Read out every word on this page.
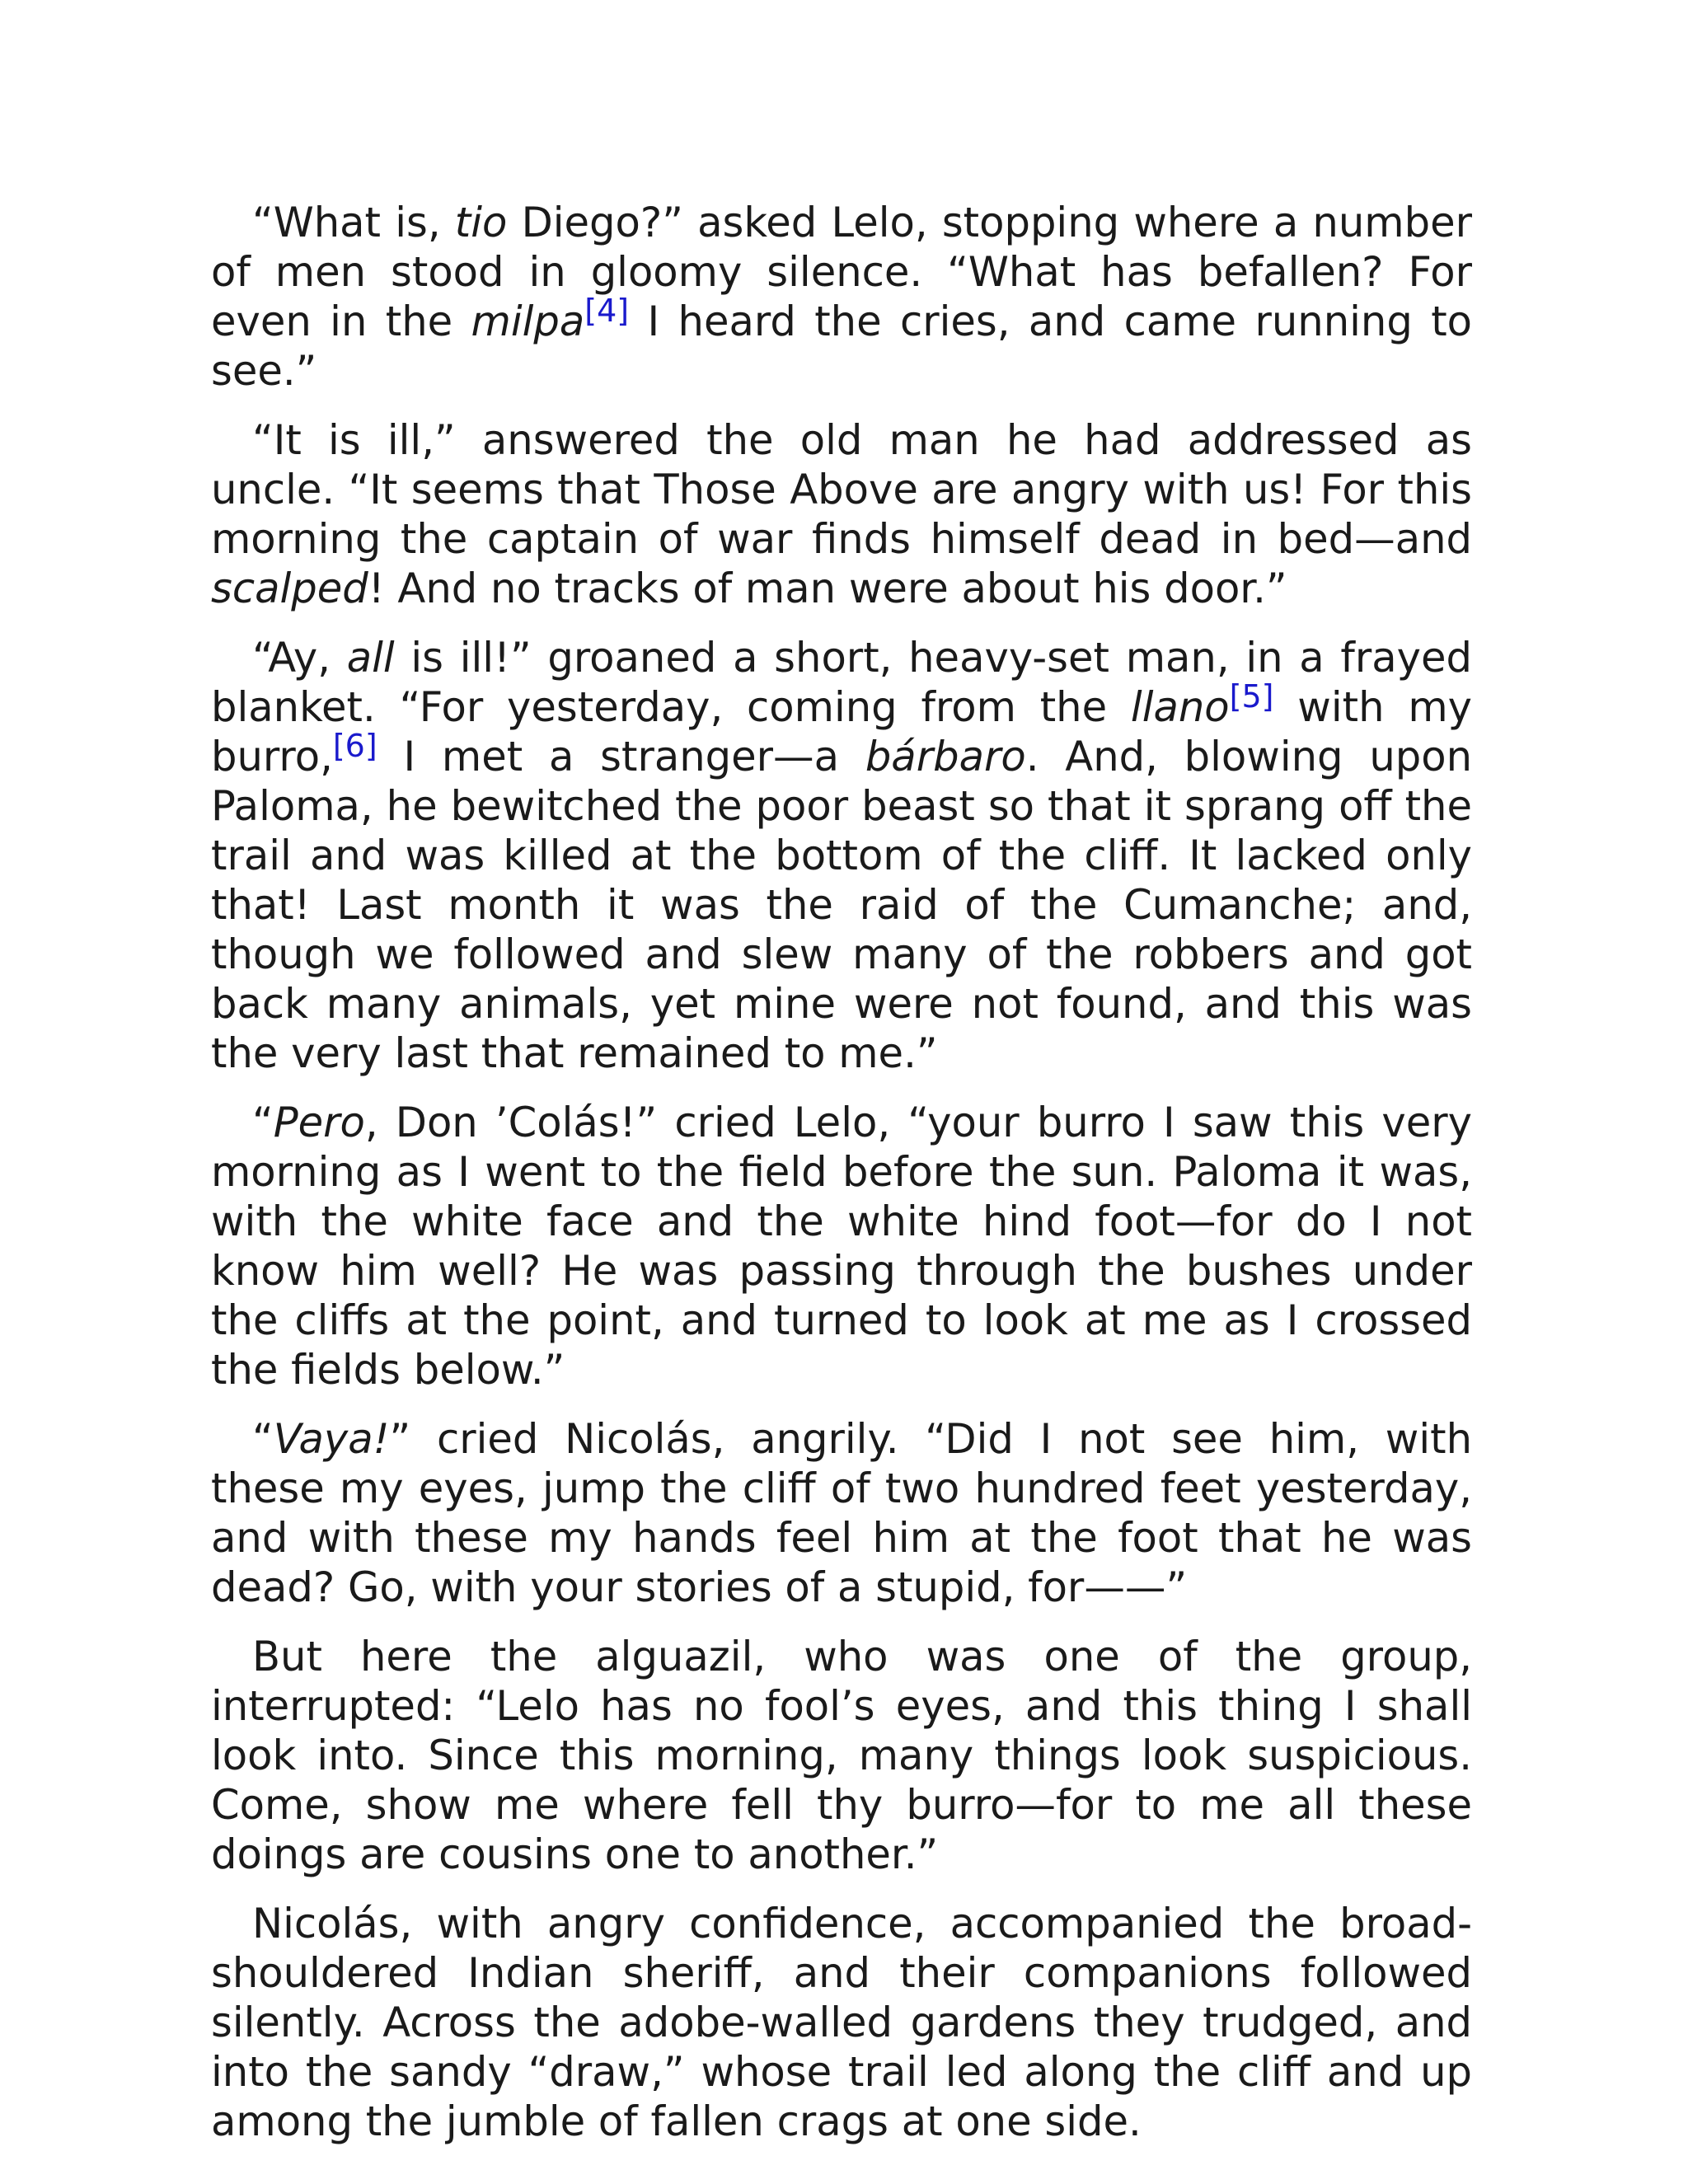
“What is, tio Diego?” asked Lelo, stopping where a number of men stood in gloomy silence. “What has befallen? For even in the milpa[4] I heard the cries, and came running to see.”

“It is ill,” answered the old man he had addressed as uncle. “It seems that Those Above are angry with us! For this morning the captain of war finds himself dead in bed—and scalped! And no tracks of man were about his door.”

“Ay, all is ill!” groaned a short, heavy-set man, in a frayed blanket. “For yesterday, coming from the llano[5] with my burro,[6] I met a stranger—a bárbaro. And, blowing upon Paloma, he bewitched the poor beast so that it sprang off the trail and was killed at the bottom of the cliff. It lacked only that! Last month it was the raid of the Cumanche; and, though we followed and slew many of the robbers and got back many animals, yet mine were not found, and this was the very last that remained to me.”

“Pero, Don ’Colás!” cried Lelo, “your burro I saw this very morning as I went to the field before the sun. Paloma it was, with the white face and the white hind foot—for do I not know him well? He was passing through the bushes under the cliffs at the point, and turned to look at me as I crossed the fields below.”

“Vaya!” cried Nicolás, angrily. “Did I not see him, with these my eyes, jump the cliff of two hundred feet yesterday, and with these my hands feel him at the foot that he was dead? Go, with your stories of a stupid, for——”

But here the alguazil, who was one of the group, interrupted: “Lelo has no fool’s eyes, and this thing I shall look into. Since this morning, many things look suspicious. Come, show me where fell thy burro—for to me all these doings are cousins one to another.”

Nicolás, with angry confidence, accompanied the broad-shouldered Indian sheriff, and their companions followed silently. Across the adobe-walled gardens they trudged, and into the sandy “draw,” whose trail led along the cliff and up among the jumble of fallen crags at one side.
